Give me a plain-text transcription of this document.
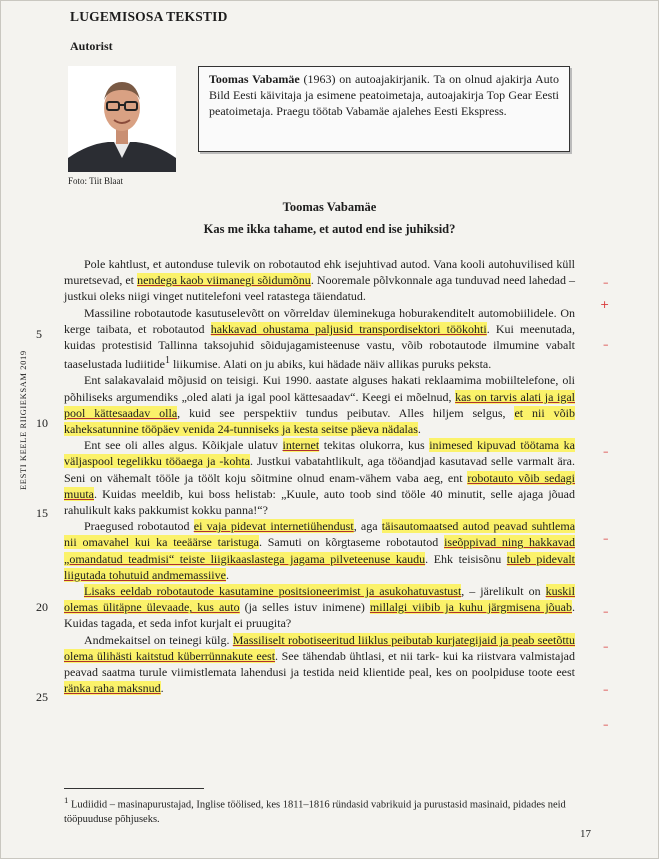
LUGEMISOSA TEKSTID
Autorist
Foto: Tiit Blaat
Toomas Vabamäe (1963) on autoajakirjanik. Ta on olnud ajakirja Auto Bild Eesti käivitaja ja esimene peatoimetaja, autoajakirja Top Gear Eesti peatoimetaja. Praegu töötab Vabamäe ajalehes Eesti Ekspress.
EESTI KEELE RIIGIEKSAM 2019
Toomas Vabamäe
Kas me ikka tahame, et autod end ise juhiksid?
5
10
15
20
25

Pole kahtlust, et autonduse tulevik on robotautod ehk isejuhtivad autod. Vana kooli autohuvilised küll muretsevad, et nendega kaob viimanegi sõidumõnu. Nooremale põlvkonnale aga tunduvad need lahedad – justkui oleks niigi vinget nutitelefoni veel ratastega täiendatud.

Massiline robotautode kasutuselevõtt on võrreldav üleminekuga hoburakenditelt automobiilidele. On kerge taibata, et robotautod hakkavad ohustama paljusid transpordisektori töökohti. Kui meenutada, kuidas protestisid Tallinna taksojuhid sõidujagamisteenuse vastu, võib robotautode ilmumine vabalt taaselustada ludiitide$^1$ liikumise. Alati on ju abiks, kui hädade näiv allikas puruks peksta.

Ent salakavalaid mõjusid on teisigi. Kui 1990. aastate alguses hakati reklaamima mobiiltelefone, oli põhiliseks argumendiks „oled alati ja igal pool kättesaadav“. Keegi ei mõelnud, kas on tarvis alati ja igal pool kättesaadav olla, kuid see perspektiiv tundus peibutav. Alles hiljem selgus, et nii võib kaheksatunnine tööpäev venida 24-tunniseks ja kesta seitse päeva nädalas.

Ent see oli alles algus. Kõikjale ulatuv internet tekitas olukorra, kus inimesed kipuvad töötama ka väljaspool tegelikku tööaega ja -kohta. Justkui vabatahtlikult, aga tööandjad kasutavad selle varmalt ära. Seni on vähemalt tööle ja töölt koju sõitmine olnud enam-vähem vaba aeg, ent robotauto võib sedagi muuta. Kuidas meeldib, kui boss helistab: „Kuule, auto toob sind tööle 40 minutit, selle ajaga jõuad rahulikult kaks pakkumist kokku panna!“?

Praegused robotautod ei vaja pidevat internetiühendust, aga täisautomaatsed autod peavad suhtlema nii omavahel kui ka teeäärse taristuga. Samuti on kõrgtaseme robotautod iseõppivad ning hakkavad „omandatud teadmisi“ teiste liigikaaslastega jagama pilveteenuse kaudu. Ehk teisisõnu tuleb pidevalt liigutada tohutuid andmemassiive.

Lisaks eeldab robotautode kasutamine positsioneerimist ja asukohatuvastust, – järelikult on kuskil olemas ülitäpne ülevaade, kus auto (ja selles istuv inimene) millalgi viibib ja kuhu järgmisena jõuab. Kuidas tagada, et seda infot kurjalt ei pruugita?

Andmekaitsel on teinegi külg. Massiliselt robotiseeritud liiklus peibutab kurjategijaid ja peab seetõttu olema ülihästi kaitstud küberrünnakute eest. See tähendab ühtlasi, et nii tark- kui ka riistvara valmistajad peavad saatma turule viimistlemata lahendusi ja testida neid klientide peal, kes on poolpiduse toote eest ränka raha maksnud.

–
+
–
–
–
–
–
–
–
$^1$ Ludiidid – masinapurustajad, Inglise töölised, kes 1811–1816 ründasid vabrikuid ja purustasid masinaid, pidades neid tööpuuduse põhjuseks.
17
